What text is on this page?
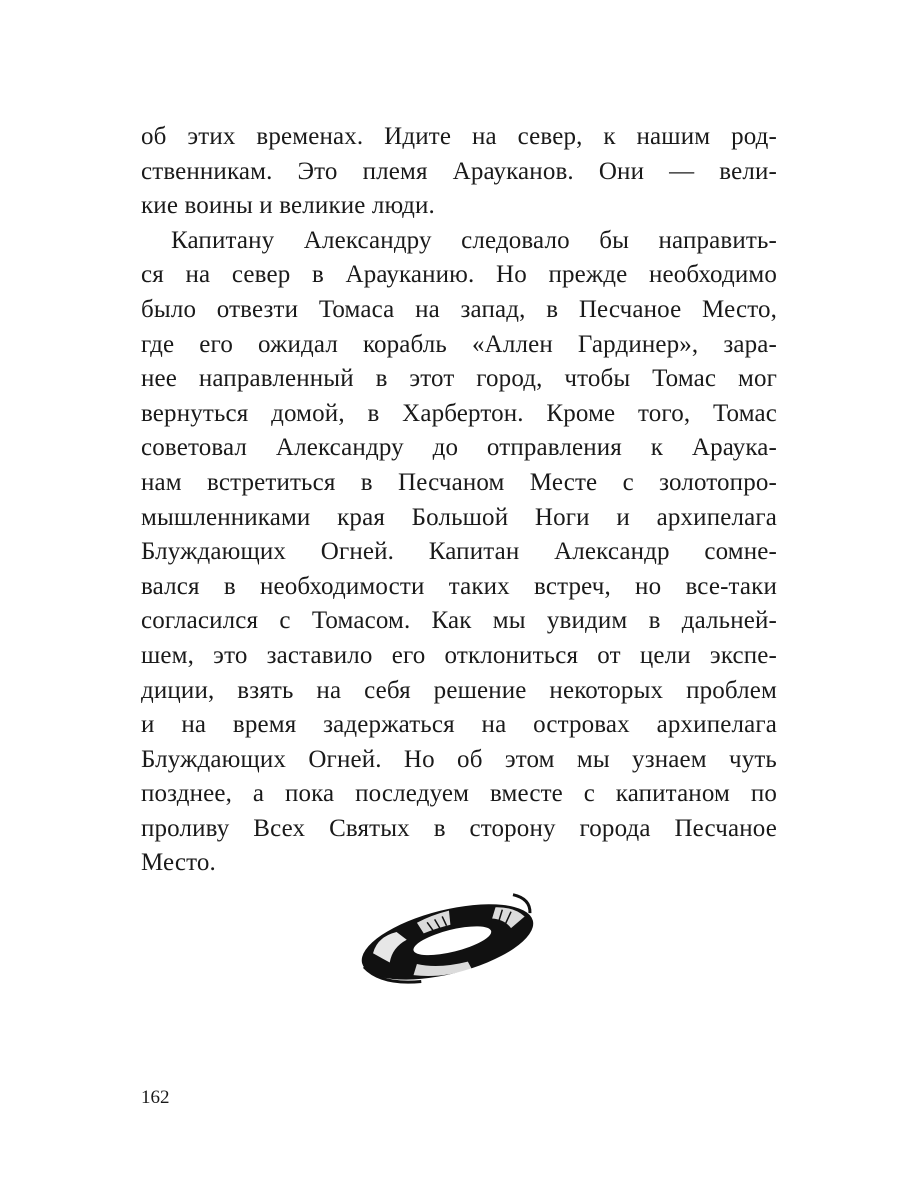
об этих временах. Идите на север, к нашим род-
ственникам. Это племя Арауканов. Они — вели-
кие воины и великие люди.
Капитану Александру следовало бы направить-
ся на север в Арауканию. Но прежде необходимо
было отвезти Томаса на запад, в Песчаное Место,
где его ожидал корабль «Аллен Гардинер», зара-
нее направленный в этот город, чтобы Томас мог
вернуться домой, в Харбертон. Кроме того, Томас
советовал Александру до отправления к Араука-
нам встретиться в Песчаном Месте с золотопро-
мышленниками края Большой Ноги и архипелага
Блуждающих Огней. Капитан Александр сомне-
вался в необходимости таких встреч, но все-таки
согласился с Томасом. Как мы увидим в дальней-
шем, это заставило его отклониться от цели экспе-
диции, взять на себя решение некоторых проблем
и на время задержаться на островах архипелага
Блуждающих Огней. Но об этом мы узнаем чуть
позднее, а пока последуем вместе с капитаном по
проливу Всех Святых в сторону города Песчаное
Место.
162
